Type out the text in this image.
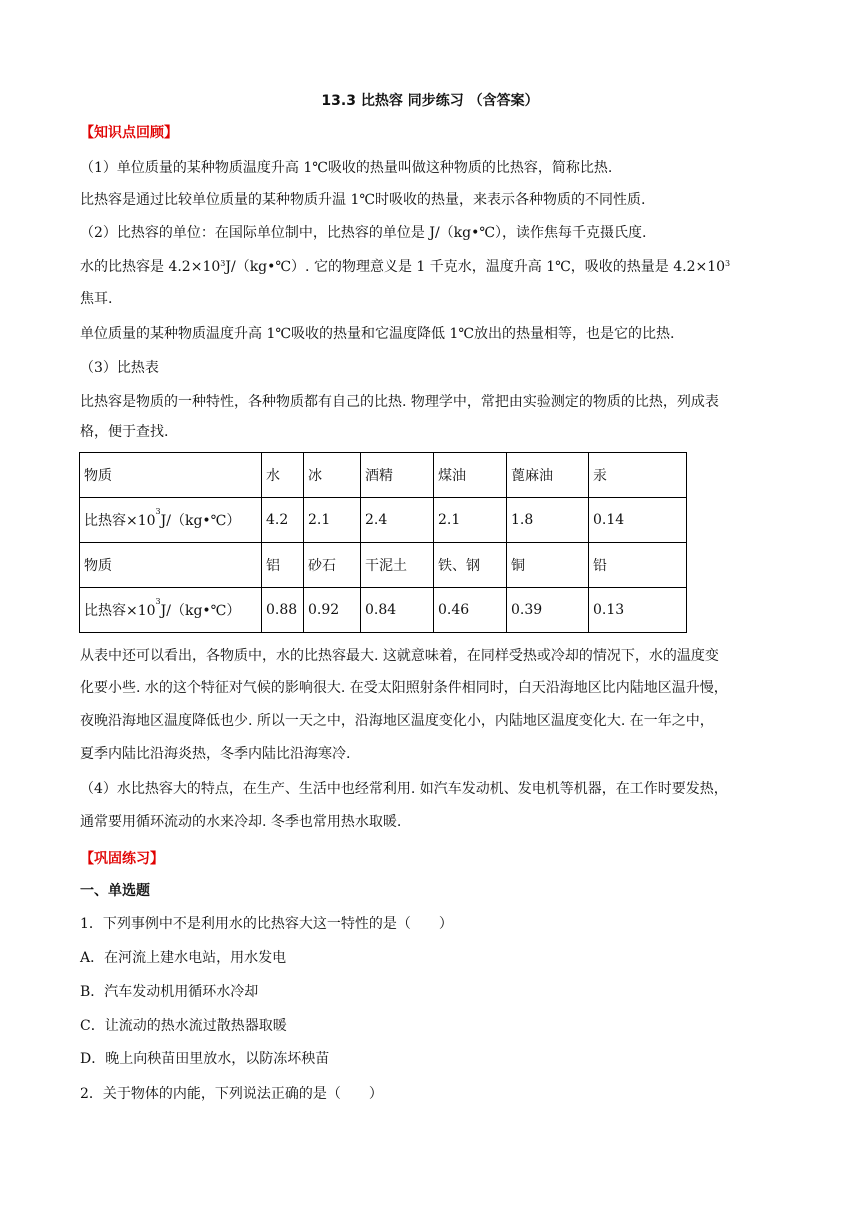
13.3 比热容 同步练习 （含答案）
【知识点回顾】
（1）单位质量的某种物质温度升高 1℃吸收的热量叫做这种物质的比热容，简称比热.
比热容是通过比较单位质量的某种物质升温 1℃时吸收的热量，来表示各种物质的不同性质.
（2）比热容的单位：在国际单位制中，比热容的单位是 J/（kg•℃），读作焦每千克摄氏度.
水的比热容是 $4.2\times 10^3J/(kg•℃)$. 它的物理意义是 1 千克水，温度升高 1℃，吸收的热量是 $4.2\times 10^3$
焦耳.
单位质量的某种物质温度升高 1℃吸收的热量和它温度降低 1℃放出的热量相等，也是它的比热.
（3）比热表
比热容是物质的一种特性，各种物质都有自己的比热. 物理学中，常把由实验测定的物质的比热，列成表
格，便于查找.
物质	水	冰	酒精	煤油	蓖麻油	汞
比热容$\times 10^3J/(kg•℃)$	4.2	2.1	2.4	2.1	1.8	0.14
物质	铝	砂石	干泥土	铁、钢	铜	铅
比热容$\times 10^3J/(kg•℃)$	0.88	0.92	0.84	0.46	0.39	0.13
从表中还可以看出，各物质中，水的比热容最大. 这就意味着，在同样受热或冷却的情况下，水的温度变
化要小些. 水的这个特征对气候的影响很大. 在受太阳照射条件相同时，白天沿海地区比内陆地区温升慢，
夜晚沿海地区温度降低也少. 所以一天之中，沿海地区温度变化小，内陆地区温度变化大. 在一年之中，
夏季内陆比沿海炎热，冬季内陆比沿海寒冷.
（4）水比热容大的特点，在生产、生活中也经常利用. 如汽车发动机、发电机等机器，在工作时要发热，
通常要用循环流动的水来冷却. 冬季也常用热水取暖.
【巩固练习】
一、单选题
1．下列事例中不是利用水的比热容大这一特性的是（　　）
A．在河流上建水电站，用水发电
B．汽车发动机用循环水冷却
C．让流动的热水流过散热器取暖
D．晚上向秧苗田里放水，以防冻坏秧苗
2．关于物体的内能，下列说法正确的是（　　）
